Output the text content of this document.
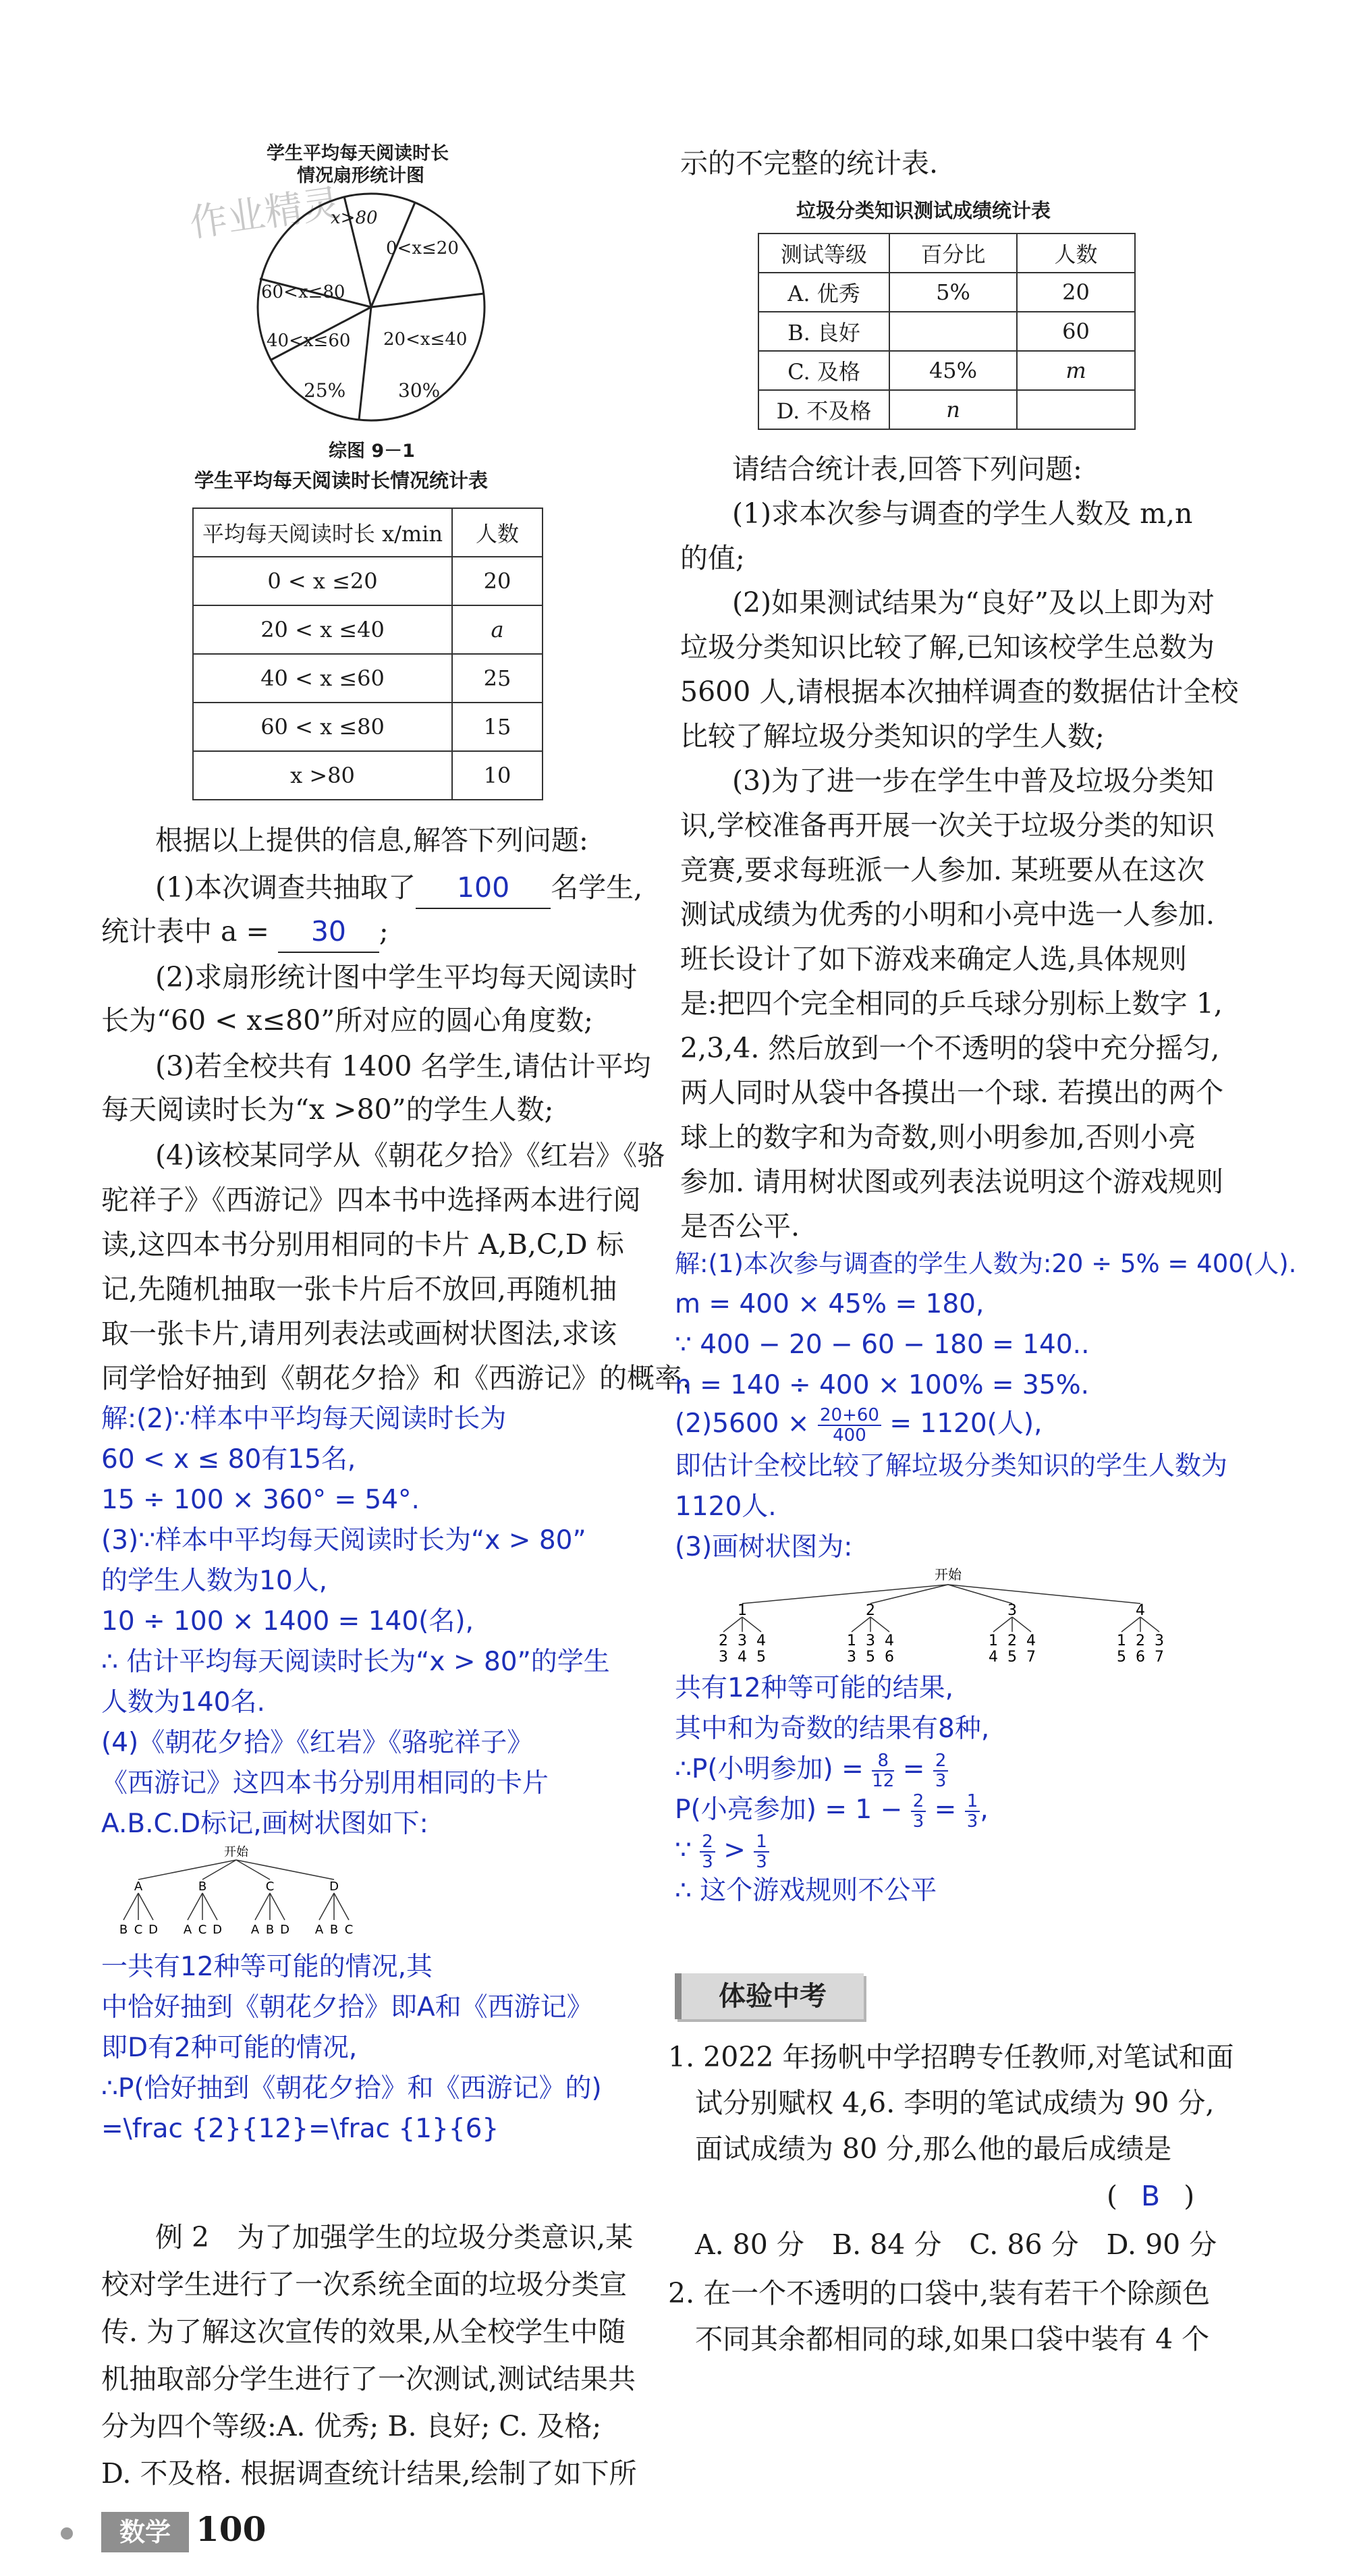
学生平均每天阅读时长
情况扇形统计图
作业精灵
x>80
0<x≤20
60<x≤80
40<x≤60 20<x≤40
25%	30%
综图 9－1
学生平均每天阅读时长情况统计表
平均每天阅读时长 x/min	人数
0 < x ≤20	20
20 < x ≤40	a
40 < x ≤60	25
60 < x ≤80	15
x >80	10
根据以上提供的信息,解答下列问题:
(1)本次调查共抽取了 100 名学生,
统计表中 a = 30 ;
(2)求扇形统计图中学生平均每天阅读时
长为“60 < x≤80”所对应的圆心角度数;
(3)若全校共有 1400 名学生,请估计平均
每天阅读时长为“x >80”的学生人数;
(4)该校某同学从《朝花夕拾》《红岩》《骆
驼祥子》《西游记》四本书中选择两本进行阅
读,这四本书分别用相同的卡片 A,B,C,D 标
记,先随机抽取一张卡片后不放回,再随机抽
取一张卡片,请用列表法或画树状图法,求该
同学恰好抽到《朝花夕拾》和《西游记》的概率.
解:(2)∵样本中平均每天阅读时长为
60 < x ≤ 80有15名,
15 ÷ 100 × 360° = 54°.
(3)∵样本中平均每天阅读时长为“x > 80”
的学生人数为10人,
10 ÷ 100 × 1400 = 140(名),
∴ 估计平均每天阅读时长为“x > 80”的学生
人数为140名.
(4)《朝花夕拾》《红岩》《骆驼祥子》
《西游记》这四本书分别用相同的卡片
A.B.C.D标记,画树状图如下:
开始
A	B	C	D
B C D A C D A B D A B C
一共有12种等可能的情况,其
中恰好抽到《朝花夕拾》即A和《西游记》
即D有2种可能的情况,
∴P(恰好抽到《朝花夕拾》和《西游记》的)
=\frac {2}{12}=\frac {1}{6}
例 2　为了加强学生的垃圾分类意识,某
校对学生进行了一次系统全面的垃圾分类宣
传. 为了解这次宣传的效果,从全校学生中随
机抽取部分学生进行了一次测试,测试结果共
分为四个等级:A. 优秀; B. 良好; C. 及格;
D. 不及格. 根据调查统计结果,绘制了如下所
数学 100
示的不完整的统计表.
垃圾分类知识测试成绩统计表
测试等级	百分比	人数
A. 优秀	5%	20
B. 良好		60
C. 及格	45%	m
D. 不及格	n	
请结合统计表,回答下列问题:
(1)求本次参与调查的学生人数及 m,n
的值;
(2)如果测试结果为“良好”及以上即为对
垃圾分类知识比较了解,已知该校学生总数为
5600 人,请根据本次抽样调查的数据估计全校
比较了解垃圾分类知识的学生人数;
(3)为了进一步在学生中普及垃圾分类知
识,学校准备再开展一次关于垃圾分类的知识
竞赛,要求每班派一人参加. 某班要从在这次
测试成绩为优秀的小明和小亮中选一人参加.
班长设计了如下游戏来确定人选,具体规则
是:把四个完全相同的乒乓球分别标上数字 1,
2,3,4. 然后放到一个不透明的袋中充分摇匀,
两人同时从袋中各摸出一个球. 若摸出的两个
球上的数字和为奇数,则小明参加,否则小亮
参加. 请用树状图或列表法说明这个游戏规则
是否公平.
解:(1)本次参与调查的学生人数为:20 ÷ 5% = 400(人).
m = 400 × 45% = 180,
∵ 400 − 20 − 60 − 180 = 140..
n = 140 ÷ 400 × 100% = 35%.
$(2)5600 \times \frac{20+60}{400} = 1120$(人),
即估计全校比较了解垃圾分类知识的学生人数为
1120人.
(3)画树状图为:
开始
1	2	3	4
2 3 4	1 3 4	1 2 4	1 2 3
3 4 5	3 5 6	4 5 7	5 6 7
共有12种等可能的结果,
其中和为奇数的结果有8种,
∴P(小明参加) = $\frac{8}{12} = \frac{2}{3}$
P(小亮参加) = $1 - \frac{2}{3} = \frac{1}{3}$ ,
∵ $\frac{2}{3} > \frac{1}{3}$
∴ 这个游戏规则不公平
体验中考
1. 2022 年扬帆中学招聘专任教师,对笔试和面
试分别赋权 4,6. 李明的笔试成绩为 90 分,
面试成绩为 80 分,那么他的最后成绩是
( B )
A. 80 分 B. 84 分 C. 86 分 D. 90 分
2. 在一个不透明的口袋中,装有若干个除颜色
不同其余都相同的球,如果口袋中装有 4 个
